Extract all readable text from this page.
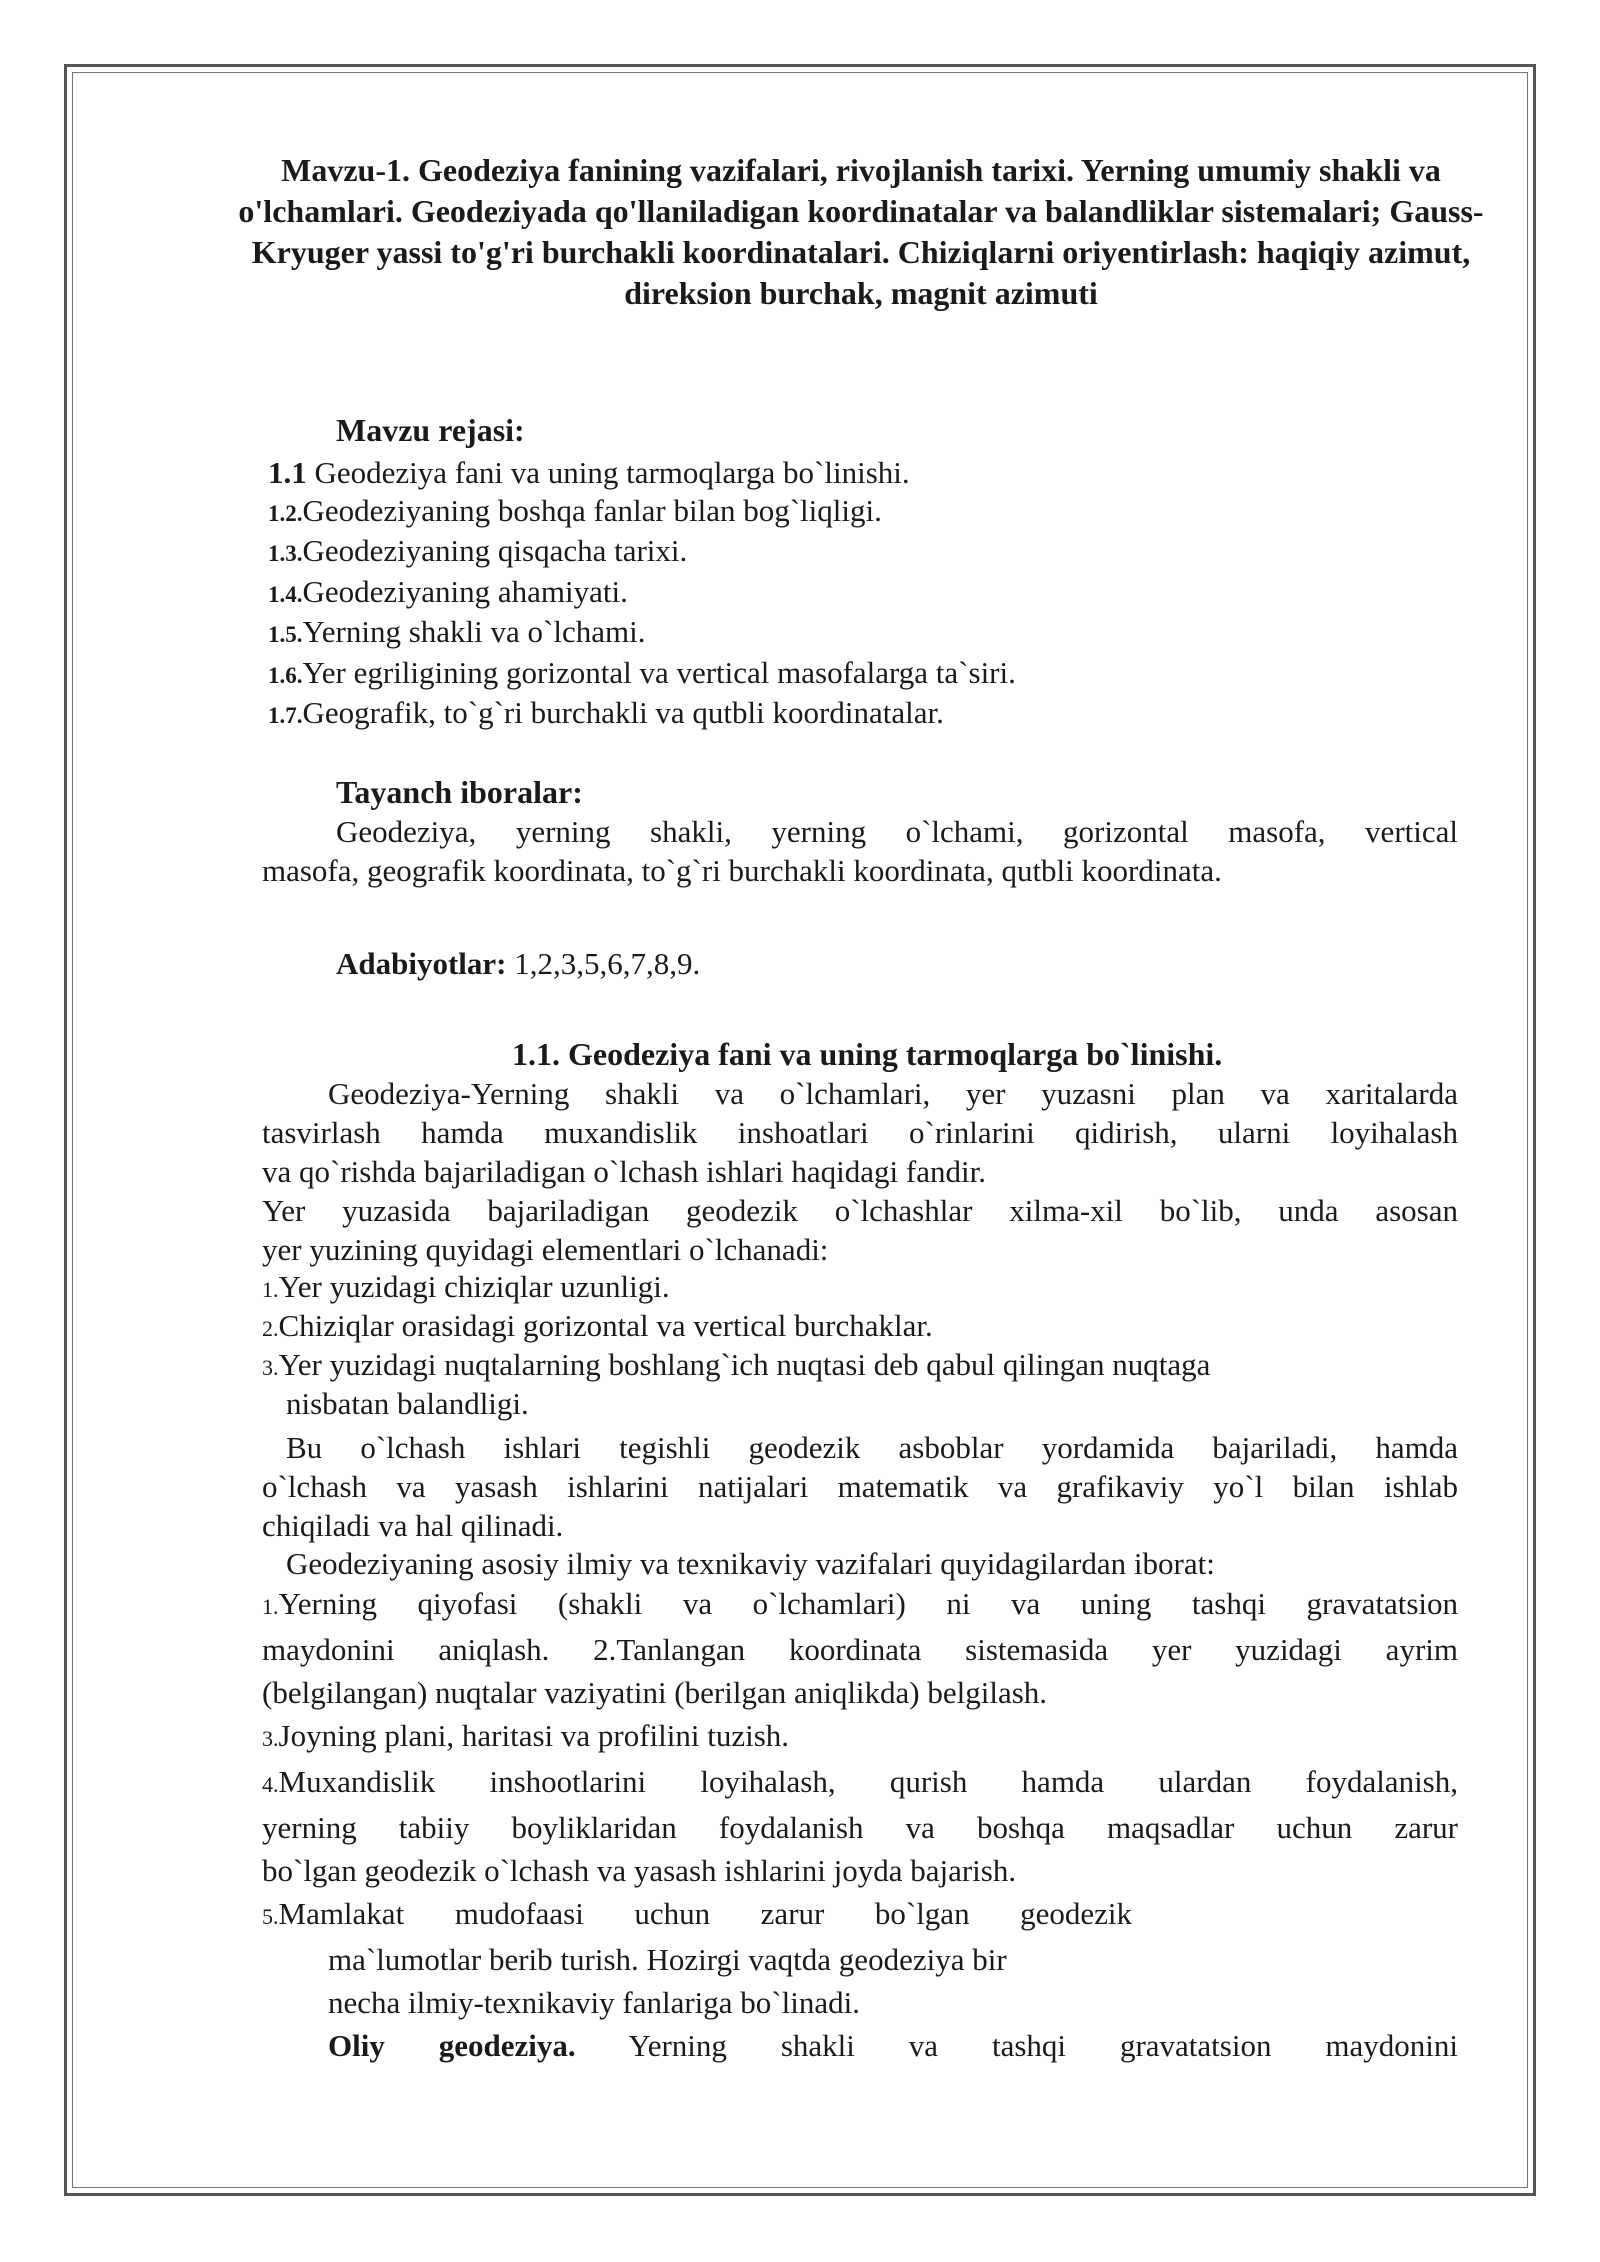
Mavzu-1. Geodeziya fanining vazifalari, rivojlanish tarixi. Yerning umumiy shakli va o'lchamlari. Geodeziyada qo'llaniladigan koordinatalar va balandliklar sistemalari; Gauss-Kryuger yassi to'g'ri burchakli koordinatalari. Chiziqlarni oriyentirlash: haqiqiy azimut, direksion burchak, magnit azimuti

Mavzu rejasi:

1.1 Geodeziya fani va uning tarmoqlarga bo`linishi.
1.2.Geodeziyaning boshqa fanlar bilan bog`liqligi.
1.3.Geodeziyaning qisqacha tarixi.
1.4.Geodeziyaning ahamiyati.
1.5.Yerning shakli va o`lchami.
1.6.Yer egriligining gorizontal va vertical masofalarga ta`siri.
1.7.Geografik, to`g`ri burchakli va qutbli koordinatalar.

Tayanch iboralar:

Geodeziya, yerning shakli, yerning o`lchami, gorizontal masofa, vertical

masofa, geografik koordinata, to`g`ri burchakli koordinata, qutbli koordinata.

Adabiyotlar: 1,2,3,5,6,7,8,9.

1.1. Geodeziya fani va uning tarmoqlarga bo`linishi.

Geodeziya-Yerning shakli va o`lchamlari, yer yuzasni plan va xaritalarda

tasvirlash hamda muxandislik inshoatlari o`rinlarini qidirish, ularni loyihalash

va qo`rishda bajariladigan o`lchash ishlari haqidagi fandir.

Yer yuzasida bajariladigan geodezik o`lchashlar xilma-xil bo`lib, unda asosan

yer yuzining quyidagi elementlari o`lchanadi:

1.Yer yuzidagi chiziqlar uzunligi.

2.Chiziqlar orasidagi gorizontal va vertical burchaklar.

3.Yer yuzidagi nuqtalarning boshlang`ich nuqtasi deb qabul qilingan nuqtaga

nisbatan balandligi.

Bu o`lchash ishlari tegishli geodezik asboblar yordamida bajariladi, hamda

o`lchash va yasash ishlarini natijalari matematik va grafikaviy yo`l bilan ishlab

chiqiladi va hal qilinadi.

Geodeziyaning asosiy ilmiy va texnikaviy vazifalari quyidagilardan iborat:

1.Yerning qiyofasi (shakli va o`lchamlari) ni va uning tashqi gravatatsion

maydonini aniqlash. 2.Tanlangan koordinata sistemasida yer yuzidagi ayrim

(belgilangan) nuqtalar vaziyatini (berilgan aniqlikda) belgilash.

3.Joyning plani, haritasi va profilini tuzish.

4.Muxandislik inshootlarini loyihalash, qurish hamda ulardan foydalanish,

yerning tabiiy boyliklaridan foydalanish va boshqa maqsadlar uchun zarur

bo`lgan geodezik o`lchash va yasash ishlarini joyda bajarish.

5.Mamlakat mudofaasi uchun zarur bo`lgan geodezik

ma`lumotlar berib turish. Hozirgi vaqtda geodeziya bir

necha ilmiy-texnikaviy fanlariga bo`linadi.

Oliy geodeziya. Yerning shakli va tashqi gravatatsion maydonini
